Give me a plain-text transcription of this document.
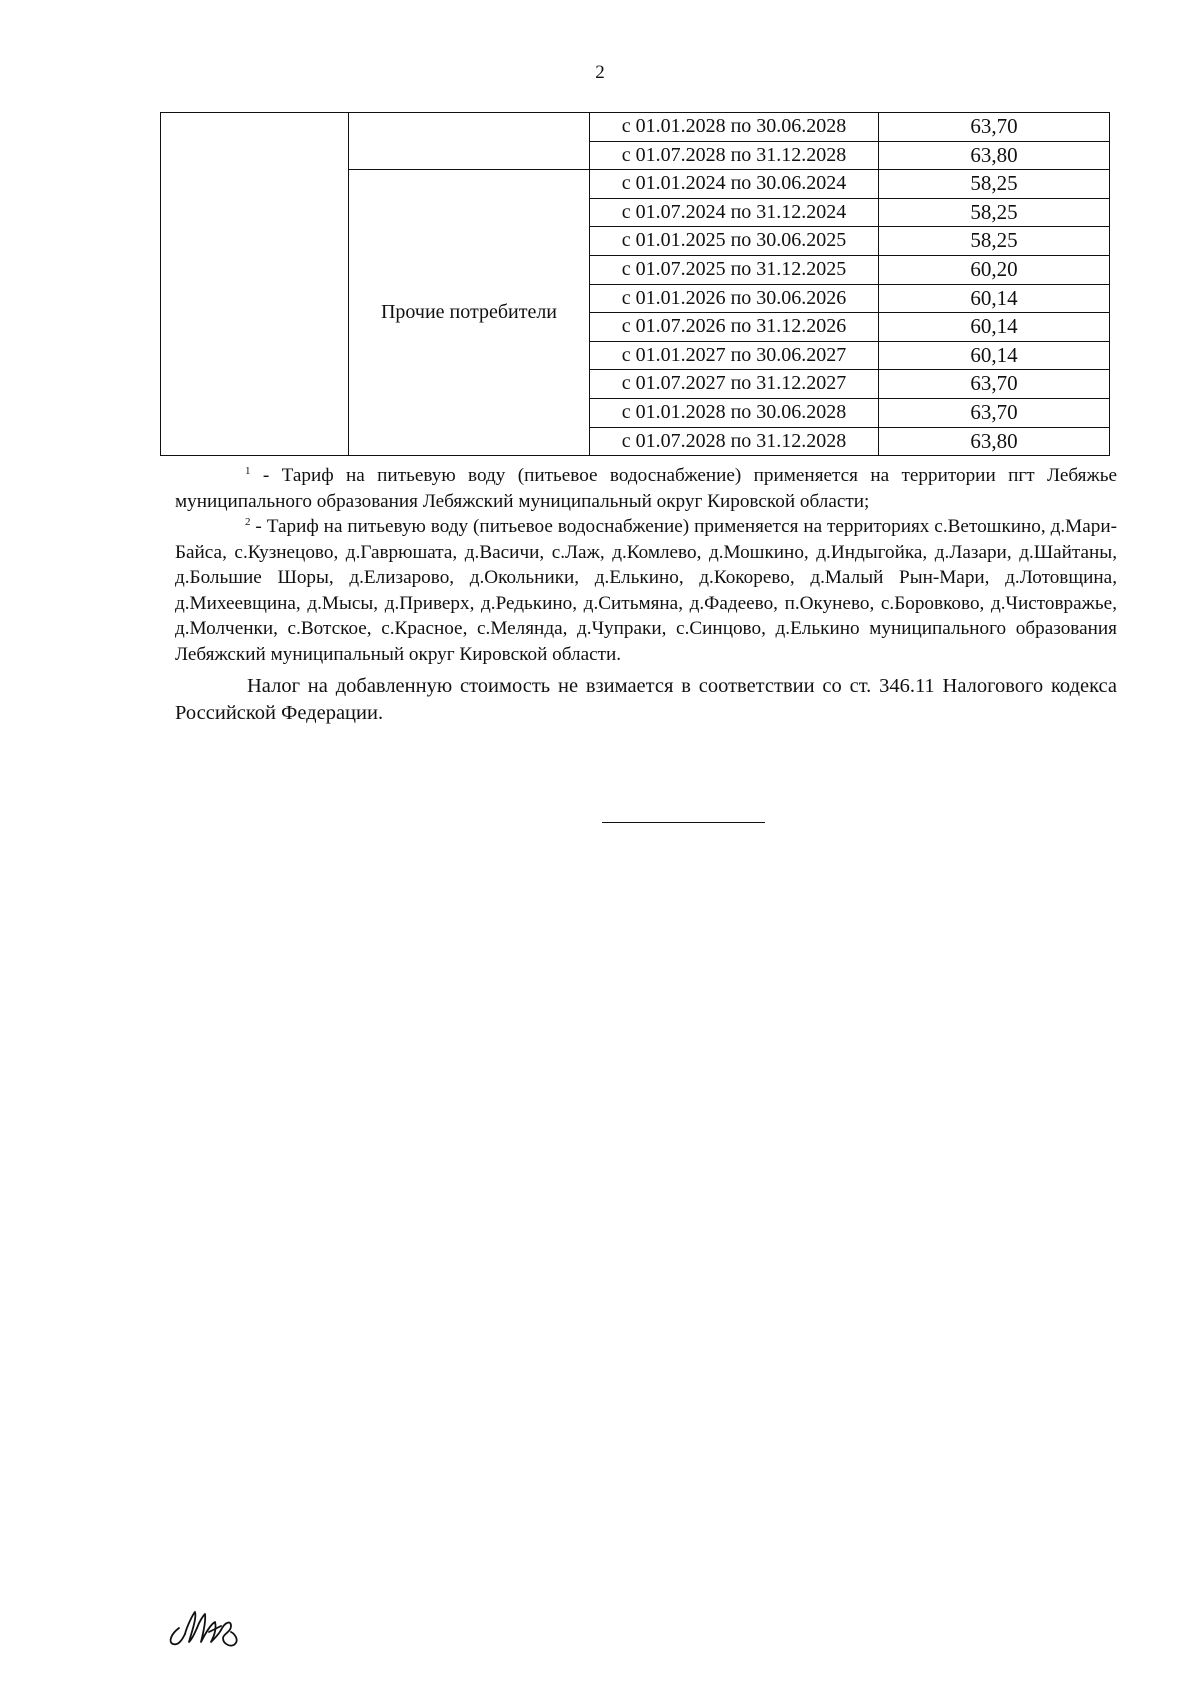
2
		с 01.01.2028 по 30.06.2028	63,70
		с 01.07.2028 по 31.12.2028	63,80
	Прочие потребители	с 01.01.2024 по 30.06.2024	58,25
		с 01.07.2024 по 31.12.2024	58,25
		с 01.01.2025 по 30.06.2025	58,25
		с 01.07.2025 по 31.12.2025	60,20
		с 01.01.2026 по 30.06.2026	60,14
		с 01.07.2026 по 31.12.2026	60,14
		с 01.01.2027 по 30.06.2027	60,14
		с 01.07.2027 по 31.12.2027	63,70
		с 01.01.2028 по 30.06.2028	63,70
		с 01.07.2028 по 31.12.2028	63,80

$^1$ - Тариф на питьевую воду (питьевое водоснабжение) применяется на территории пгт Лебяжье муниципального образования Лебяжский муниципальный округ Кировской области;

$^2$ - Тариф на питьевую воду (питьевое водоснабжение) применяется на территориях с.Ветошкино, д.Мари-Байса, с.Кузнецово, д.Гаврюшата, д.Васичи, с.Лаж, д.Комлево, д.Мошкино, д.Индыгойка, д.Лазари, д.Шайтаны, д.Большие Шоры, д.Елизарово, д.Окольники, д.Елькино, д.Кокорево, д.Малый Рын-Мари, д.Лотовщина, д.Михеевщина, д.Мысы, д.Приверх, д.Редькино, д.Ситьмяна, д.Фадеево, п.Окунево, с.Боровково, д.Чистовражье, д.Молченки, с.Вотское, с.Красное, с.Мелянда, д.Чупраки, с.Синцово, д.Елькино муниципального образования Лебяжский муниципальный округ Кировской области.

Налог на добавленную стоимость не взимается в соответствии со ст. 346.11 Налогового кодекса Российской Федерации.
